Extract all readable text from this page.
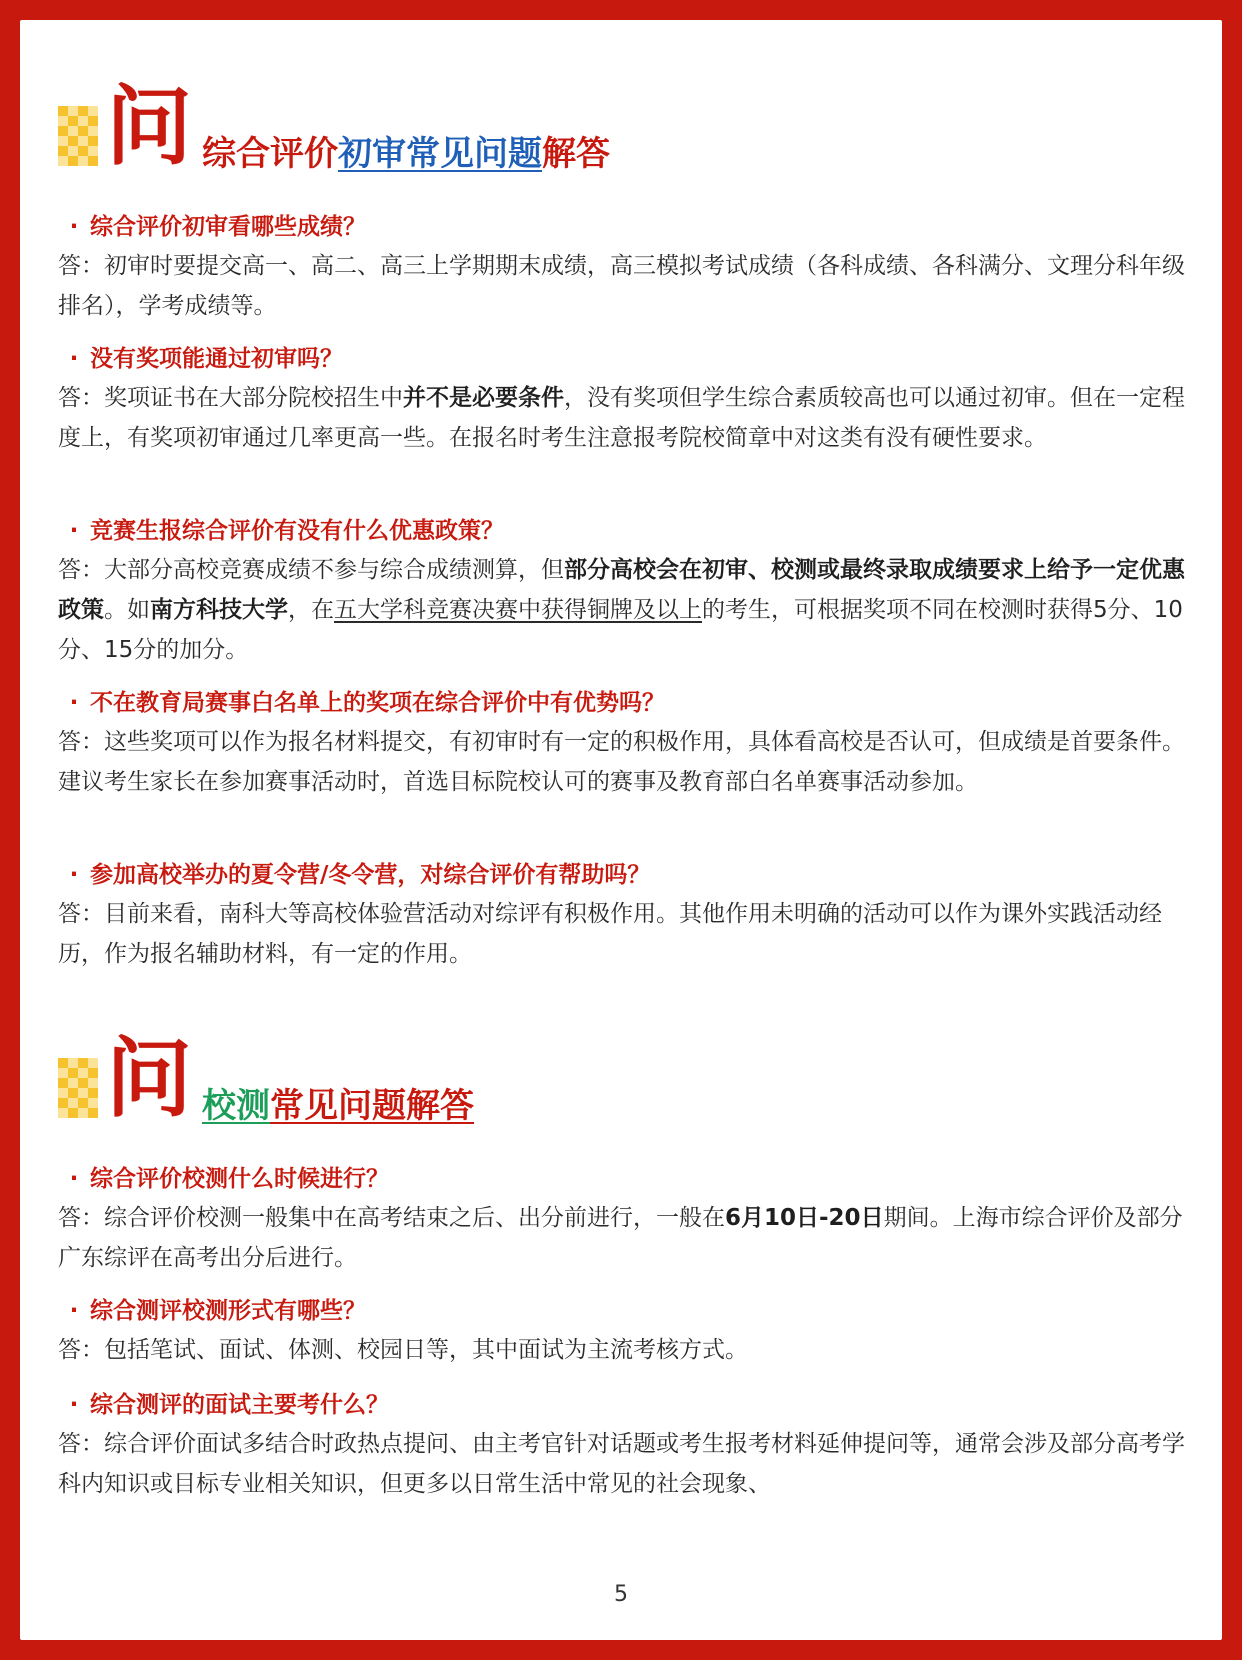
问 综合评价初审常见问题解答
· 综合评价初审看哪些成绩？
答：初审时要提交高一、高二、高三上学期期末成绩，高三模拟考试成绩（各科成绩、各科满分、文理分科年级排名），学考成绩等。
· 没有奖项能通过初审吗？
答：奖项证书在大部分院校招生中并不是必要条件，没有奖项但学生综合素质较高也可以通过初审。但在一定程度上，有奖项初审通过几率更高一些。在报名时考生注意报考院校简章中对这类有没有硬性要求。
· 竞赛生报综合评价有没有什么优惠政策？
答：大部分高校竞赛成绩不参与综合成绩测算，但部分高校会在初审、校测或最终录取成绩要求上给予一定优惠政策。如南方科技大学，在五大学科竞赛决赛中获得铜牌及以上的考生，可根据奖项不同在校测时获得5分、10分、15分的加分。
· 不在教育局赛事白名单上的奖项在综合评价中有优势吗？
答：这些奖项可以作为报名材料提交，有初审时有一定的积极作用，具体看高校是否认可，但成绩是首要条件。建议考生家长在参加赛事活动时，首选目标院校认可的赛事及教育部白名单赛事活动参加。
· 参加高校举办的夏令营/冬令营，对综合评价有帮助吗？
答：目前来看，南科大等高校体验营活动对综评有积极作用。其他作用未明确的活动可以作为课外实践活动经历，作为报名辅助材料，有一定的作用。
问 校测常见问题解答
· 综合评价校测什么时候进行？
答：综合评价校测一般集中在高考结束之后、出分前进行，一般在6月10日-20日期间。上海市综合评价及部分广东综评在高考出分后进行。
· 综合测评校测形式有哪些？
答：包括笔试、面试、体测、校园日等，其中面试为主流考核方式。
· 综合测评的面试主要考什么？
答：综合评价面试多结合时政热点提问、由主考官针对话题或考生报考材料延伸提问等，通常会涉及部分高考学科内知识或目标专业相关知识，但更多以日常生活中常见的社会现象、
5
